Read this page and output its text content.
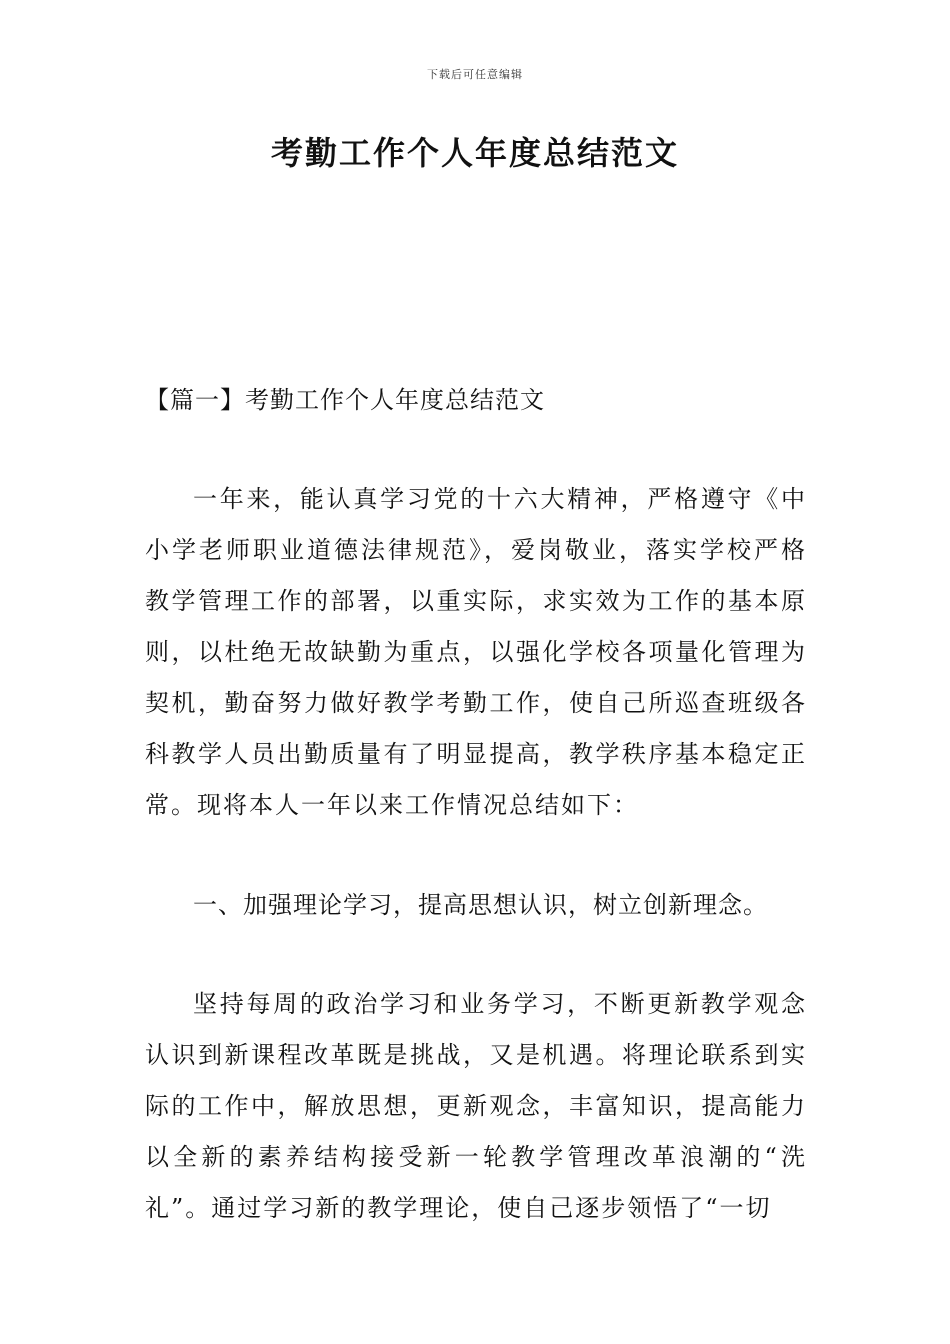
下载后可任意编辑
考勤工作个人年度总结范文
【篇一】考勤工作个人年度总结范文

一年来，能认真学习党的十六大精神，严格遵守《中小学老师职业道德法律规范》，爱岗敬业，落实学校严格教学管理工作的部署，以重实际，求实效为工作的基本原则，以杜绝无故缺勤为重点，以强化学校各项量化管理为契机，勤奋努力做好教学考勤工作，使自己所巡查班级各科教学人员出勤质量有了明显提高，教学秩序基本稳定正常。现将本人一年以来工作情况总结如下：

一、加强理论学习，提高思想认识，树立创新理念。

坚持每周的政治学习和业务学习，不断更新教学观念认识到新课程改革既是挑战，又是机遇。将理论联系到实际的工作中，解放思想，更新观念，丰富知识，提高能力以全新的素养结构接受新一轮教学管理改革浪潮的“洗礼”。通过学习新的教学理论，使自己逐步领悟了“一切
